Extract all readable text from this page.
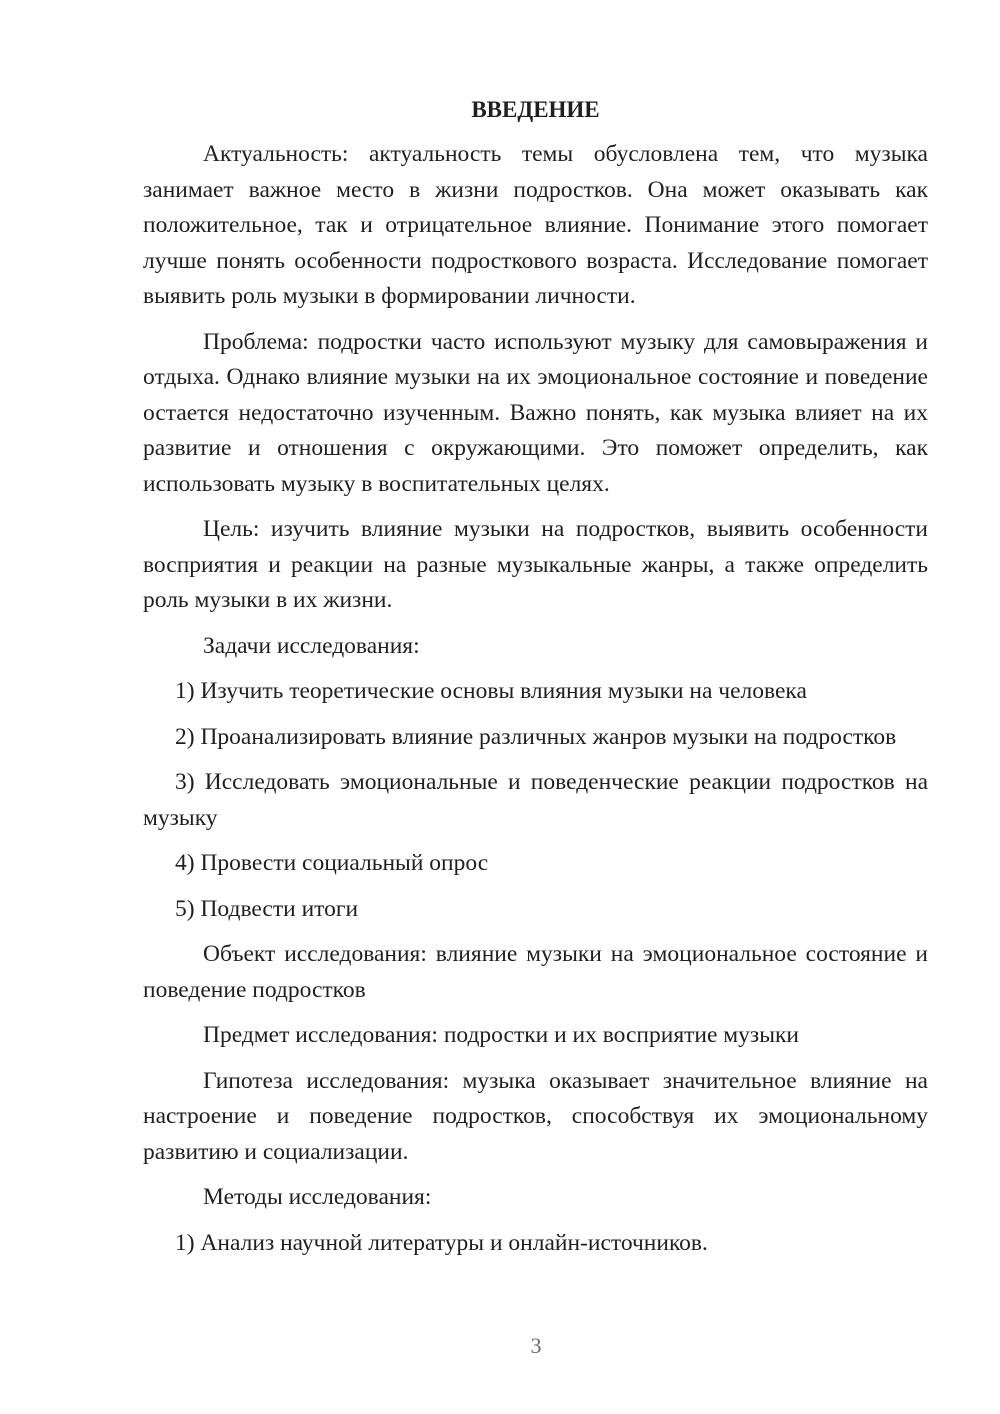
ВВЕДЕНИЕ

Актуальность: актуальность темы обусловлена тем, что музыка занимает важное место в жизни подростков. Она может оказывать как положительное, так и отрицательное влияние. Понимание этого помогает лучше понять особенности подросткового возраста. Исследование помогает выявить роль музыки в формировании личности.

Проблема: подростки часто используют музыку для самовыражения и отдыха. Однако влияние музыки на их эмоциональное состояние и поведение остается недостаточно изученным. Важно понять, как музыка влияет на их развитие и отношения с окружающими. Это поможет определить, как использовать музыку в воспитательных целях.

Цель: изучить влияние музыки на подростков, выявить особенности восприятия и реакции на разные музыкальные жанры, а также определить роль музыки в их жизни.

Задачи исследования:

1) Изучить теоретические основы влияния музыки на человека

2) Проанализировать влияние различных жанров музыки на подростков

3) Исследовать эмоциональные и поведенческие реакции подростков на музыку

4) Провести социальный опрос

5) Подвести итоги

Объект исследования: влияние музыки на эмоциональное состояние и поведение подростков

Предмет исследования: подростки и их восприятие музыки

Гипотеза исследования: музыка оказывает значительное влияние на настроение и поведение подростков, способствуя их эмоциональному развитию и социализации.

Методы исследования:

1) Анализ научной литературы и онлайн-источников.

3
